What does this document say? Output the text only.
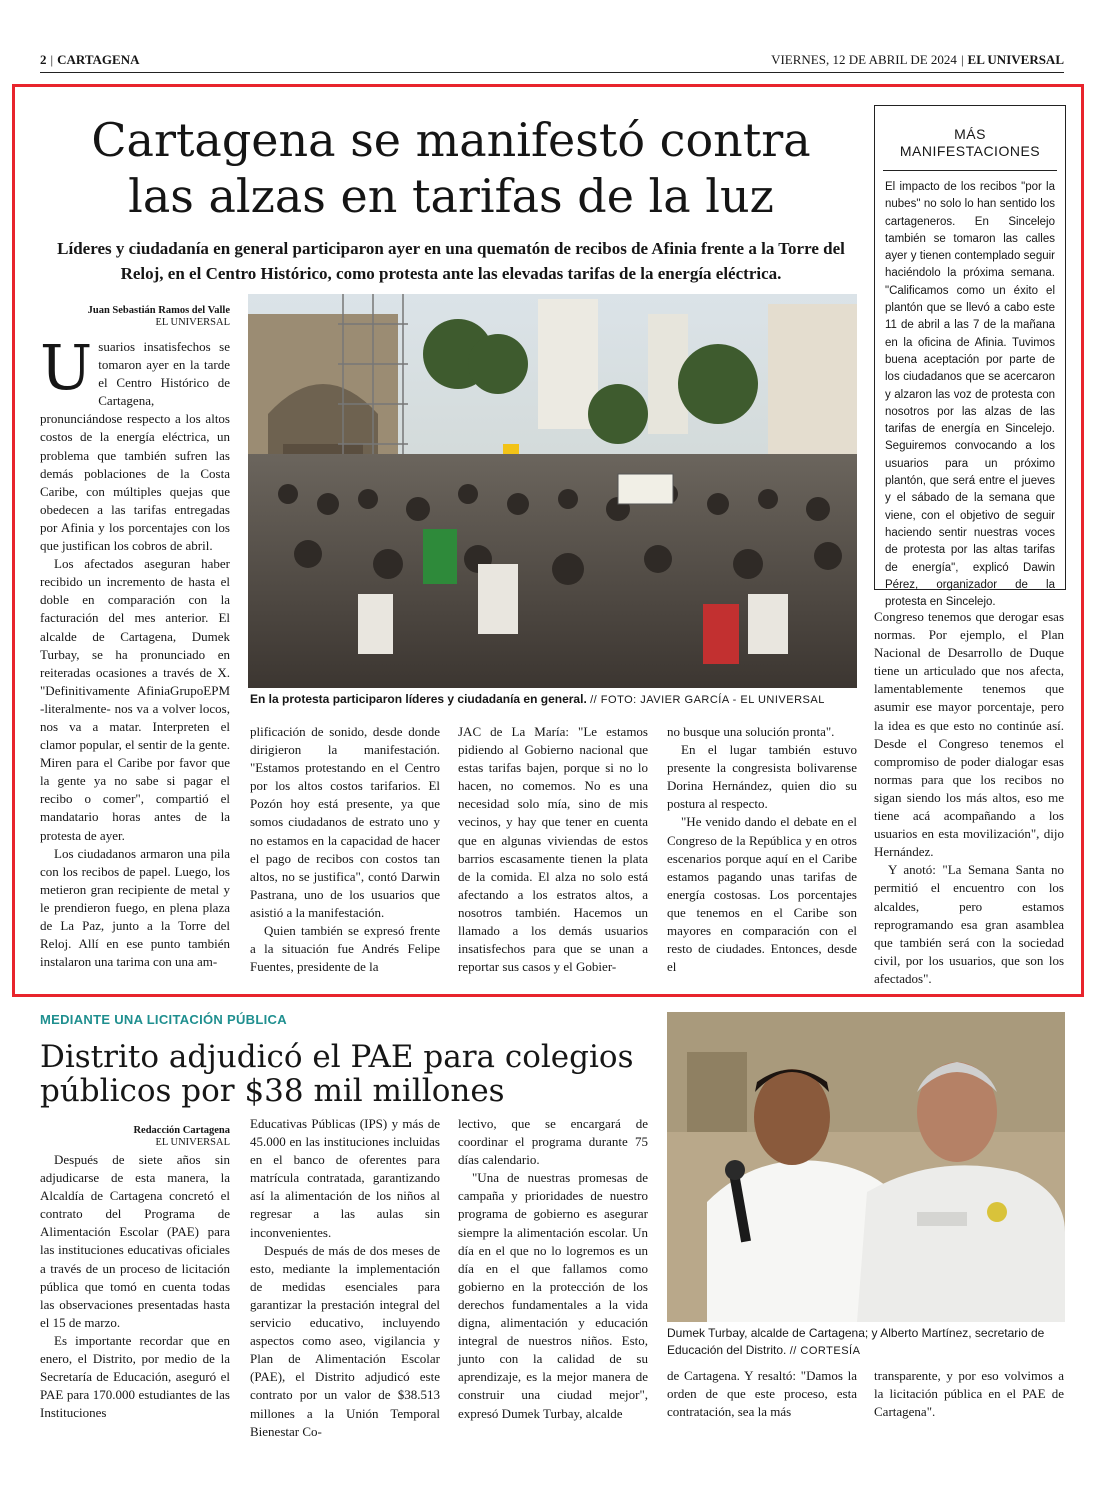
2 | CARTAGENA	VIERNES, 12 DE ABRIL DE 2024 | EL UNIVERSAL
Cartagena se manifestó contra
las alzas en tarifas de la luz
Líderes y ciudadanía en general participaron ayer en una quematón de recibos de Afinia frente a la Torre del Reloj, en el Centro Histórico, como protesta ante las elevadas tarifas de la energía eléctrica.
Juan Sebastián Ramos del Valle
EL UNIVERSAL

Usuarios insatisfechos se tomaron ayer en la tarde el Centro Histórico de Cartagena, pronunciándose respecto a los altos costos de la energía eléctrica, un problema que también sufren las demás poblaciones de la Costa Caribe, con múltiples quejas que obedecen a las tarifas entregadas por Afinia y los porcentajes con los que justifican los cobros de abril.

Los afectados aseguran haber recibido un incremento de hasta el doble en comparación con la facturación del mes anterior. El alcalde de Cartagena, Dumek Turbay, se ha pronunciado en reiteradas ocasiones a través de X. "Definitivamente AfiniaGrupoEPM -literalmente- nos va a volver locos, nos va a matar. Interpreten el clamor popular, el sentir de la gente. Miren para el Caribe por favor que la gente ya no sabe si pagar el recibo o comer", compartió el mandatario horas antes de la protesta de ayer.

Los ciudadanos armaron una pila con los recibos de papel. Luego, los metieron gran recipiente de metal y le prendieron fuego, en plena plaza de La Paz, junto a la Torre del Reloj. Allí en ese punto también instalaron una tarima con una am-

En la protesta participaron líderes y ciudadanía en general. // FOTO: JAVIER GARCÍA - EL UNIVERSAL

plificación de sonido, desde donde dirigieron la manifestación. "Estamos protestando en el Centro por los altos costos tarifarios. El Pozón hoy está presente, ya que somos ciudadanos de estrato uno y no estamos en la capacidad de hacer el pago de recibos con costos tan altos, no se justifica", contó Darwin Pastrana, uno de los usuarios que asistió a la manifestación.

Quien también se expresó frente a la situación fue Andrés Felipe Fuentes, presidente de la

JAC de La María: "Le estamos pidiendo al Gobierno nacional que estas tarifas bajen, porque si no lo hacen, no comemos. No es una necesidad solo mía, sino de mis vecinos, y hay que tener en cuenta que en algunas viviendas de estos barrios escasamente tienen la plata de la comida. El alza no solo está afectando a los estratos altos, a nosotros también. Hacemos un llamado a los demás usuarios insatisfechos para que se unan a reportar sus casos y el Gobier-

no busque una solución pronta".

En el lugar también estuvo presente la congresista bolivarense Dorina Hernández, quien dio su postura al respecto.

"He venido dando el debate en el Congreso de la República y en otros escenarios porque aquí en el Caribe estamos pagando unas tarifas de energía costosas. Los porcentajes que tenemos en el Caribe son mayores en comparación con el resto de ciudades. Entonces, desde el

Congreso tenemos que derogar esas normas. Por ejemplo, el Plan Nacional de Desarrollo de Duque tiene un articulado que nos afecta, lamentablemente tenemos que asumir ese mayor porcentaje, pero la idea es que esto no continúe así. Desde el Congreso tenemos el compromiso de poder dialogar esas normas para que los recibos no sigan siendo los más altos, eso me tiene acá acompañando a los usuarios en esta movilización", dijo Hernández.

Y anotó: "La Semana Santa no permitió el encuentro con los alcaldes, pero estamos reprogramando esa gran asamblea que también será con la sociedad civil, por los usuarios, que son los afectados".

MÁS
MANIFESTACIONES
El impacto de los recibos "por la nubes" no solo lo han sentido los cartageneros. En Sincelejo también se tomaron las calles ayer y tienen contemplado seguir haciéndolo la próxima semana. "Calificamos como un éxito el plantón que se llevó a cabo este 11 de abril a las 7 de la mañana en la oficina de Afinia. Tuvimos buena aceptación por parte de los ciudadanos que se acercaron y alzaron las voz de protesta con nosotros por las alzas de las tarifas de energía en Sincelejo. Seguiremos convocando a los usuarios para un próximo plantón, que será entre el jueves y el sábado de la semana que viene, con el objetivo de seguir haciendo sentir nuestras voces de protesta por las altas tarifas de energía", explicó Dawin Pérez, organizador de la protesta en Sincelejo.
MEDIANTE UNA LICITACIÓN PÚBLICA
Distrito adjudicó el PAE para colegios
públicos por $38 mil millones
Redacción Cartagena
EL UNIVERSAL

Después de siete años sin adjudicarse de esta manera, la Alcaldía de Cartagena concretó el contrato del Programa de Alimentación Escolar (PAE) para las instituciones educativas oficiales a través de un proceso de licitación pública que tomó en cuenta todas las observaciones presentadas hasta el 15 de marzo.

Es importante recordar que en enero, el Distrito, por medio de la Secretaría de Educación, aseguró el PAE para 170.000 estudiantes de las Instituciones

Educativas Públicas (IPS) y más de 45.000 en las instituciones incluidas en el banco de oferentes para matrícula contratada, garantizando así la alimentación de los niños al regresar a las aulas sin inconvenientes.

Después de más de dos meses de esto, mediante la implementación de medidas esenciales para garantizar la prestación integral del servicio educativo, incluyendo aspectos como aseo, vigilancia y Plan de Alimentación Escolar (PAE), el Distrito adjudicó este contrato por un valor de $38.513 millones a la Unión Temporal Bienestar Co-

lectivo, que se encargará de coordinar el programa durante 75 días calendario.

"Una de nuestras promesas de campaña y prioridades de nuestro programa de gobierno es asegurar siempre la alimentación escolar. Un día en el que no lo logremos es un día en el que fallamos como gobierno en la protección de los derechos fundamentales a la vida digna, alimentación y educación integral de nuestros niños. Esto, junto con la calidad de su aprendizaje, es la mejor manera de construir una ciudad mejor", expresó Dumek Turbay, alcalde

Dumek Turbay, alcalde de Cartagena; y Alberto Martínez, secretario de Educación del Distrito. // CORTESÍA

de Cartagena. Y resaltó: "Damos la orden de que este proceso, esta contratación, sea la más

transparente, y por eso volvimos a la licitación pública en el PAE de Cartagena".
